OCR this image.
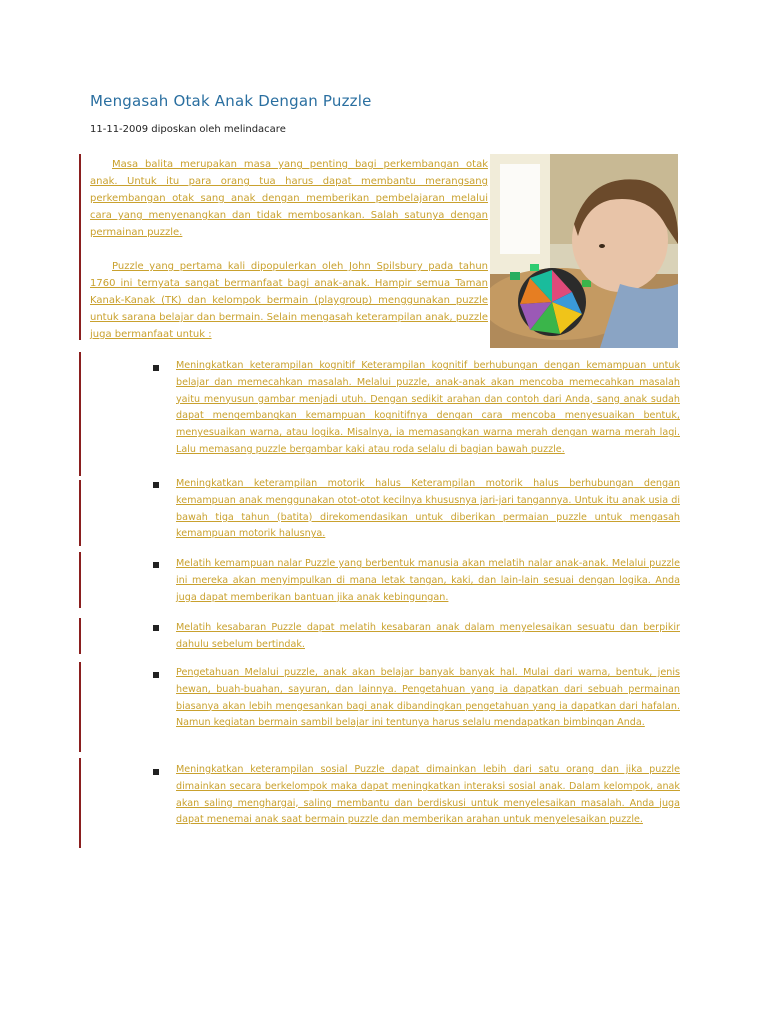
Mengasah Otak Anak Dengan Puzzle
11-11-2009 diposkan oleh melindacare
Masa balita merupakan masa yang penting bagi perkembangan otak anak. Untuk itu para orang tua harus dapat membantu merangsang perkembangan otak sang anak dengan memberikan pembelajaran melalui cara yang menyenangkan dan tidak membosankan. Salah satunya dengan permainan puzzle.
Puzzle yang pertama kali dipopulerkan oleh John Spilsbury pada tahun 1760 ini ternyata sangat bermanfaat bagi anak-anak. Hampir semua Taman Kanak-Kanak (TK) dan kelompok bermain (playgroup) menggunakan puzzle untuk sarana belajar dan bermain. Selain mengasah keterampilan anak, puzzle juga bermanfaat untuk :
Meningkatkan keterampilan kognitif Keterampilan kognitif berhubungan dengan kemampuan untuk belajar dan memecahkan masalah. Melalui puzzle, anak-anak akan mencoba memecahkan masalah yaitu menyusun gambar menjadi utuh. Dengan sedikit arahan dan contoh dari Anda, sang anak sudah dapat mengembangkan kemampuan kognitifnya dengan cara mencoba menyesuaikan bentuk, menyesuaikan warna, atau logika. Misalnya, ia memasangkan warna merah dengan warna merah lagi. Lalu memasang puzzle bergambar kaki atau roda selalu di bagian bawah puzzle.
Meningkatkan keterampilan motorik halus Keterampilan motorik halus berhubungan dengan kemampuan anak menggunakan otot-otot kecilnya khususnya jari-jari tangannya. Untuk itu anak usia di bawah tiga tahun (batita) direkomendasikan untuk diberikan permaian puzzle untuk mengasah kemampuan motorik halusnya.
Melatih kemampuan nalar Puzzle yang berbentuk manusia akan melatih nalar anak-anak. Melalui puzzle ini mereka akan menyimpulkan di mana letak tangan, kaki, dan lain-lain sesuai dengan logika. Anda juga dapat memberikan bantuan jika anak kebingungan.
Melatih kesabaran Puzzle dapat melatih kesabaran anak dalam menyelesaikan sesuatu dan berpikir dahulu sebelum bertindak.
Pengetahuan Melalui puzzle, anak akan belajar banyak banyak hal. Mulai dari warna, bentuk, jenis hewan, buah-buahan, sayuran, dan lainnya. Pengetahuan yang ia dapatkan dari sebuah permainan biasanya akan lebih mengesankan bagi anak dibandingkan pengetahuan yang ia dapatkan dari hafalan. Namun kegiatan bermain sambil belajar ini tentunya harus selalu mendapatkan bimbingan Anda.
Meningkatkan keterampilan sosial Puzzle dapat dimainkan lebih dari satu orang dan jika puzzle dimainkan secara berkelompok maka dapat meningkatkan interaksi sosial anak. Dalam kelompok, anak akan saling menghargai, saling membantu dan berdiskusi untuk menyelesaikan masalah. Anda juga dapat menemai anak saat bermain puzzle dan memberikan arahan untuk menyelesaikan puzzle.
